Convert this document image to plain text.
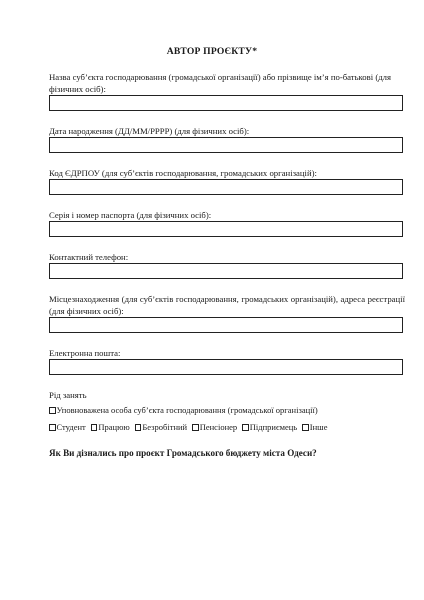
АВТОР ПРОЄКТУ*
Назва суб’єкта господарювання (громадської організації) або прізвище ім’я по-батькові (для фізичних осіб):
Дата народження (ДД/ММ/РРРР) (для фізичних осіб):
Код ЄДРПОУ (для суб’єктів господарювання, громадських організацій):
Серія і номер паспорта (для фізичних осіб):
Контактний телефон:
Місцезнаходження (для суб’єктів господарювання, громадських організацій), адреса реєстрації (для фізичних осіб):
Електронна пошта:
Рід занять
Уповноважена особа суб’єкта господарювання (громадської організації)
Студент Працюю Безробітний Пенсіонер Підприємець Інше
Як Ви дізнались про проєкт Громадського бюджету міста Одеси?
